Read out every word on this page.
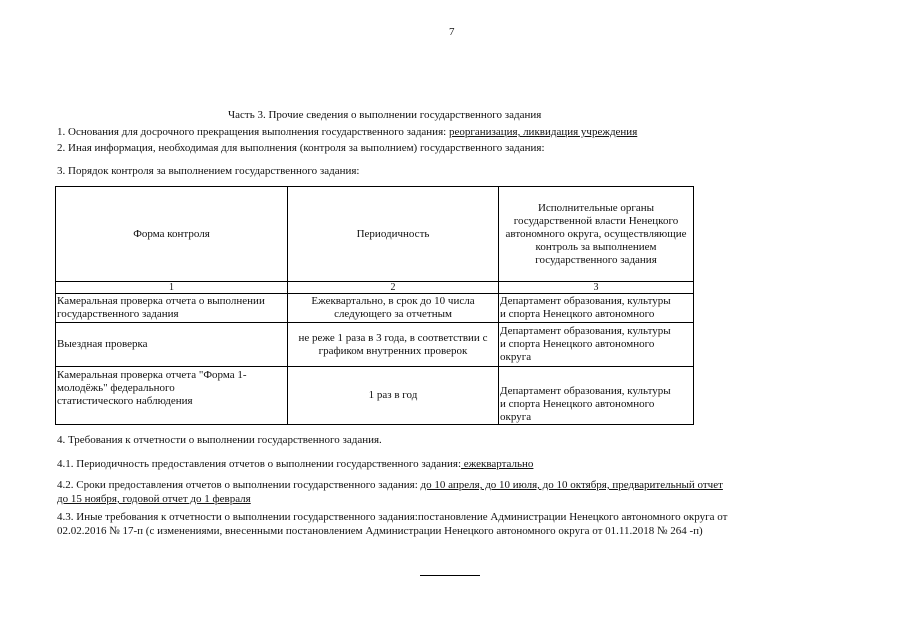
7
Часть 3. Прочие сведения о выполнении государственного задания
1. Основания для досрочного прекращения выполнения государственного задания: реорганизация, ликвидация учреждения
2. Иная информация, необходимая для выполнения (контроля за выполнием) государственного задания:
3. Порядок контроля за выполнением государственного задания:
Форма контроля	Периодичность	Исполнительные органы государственной власти Ненецкого автономного округа, осуществляющие контроль за выполнением государственного задания
1	2	3
Камеральная проверка отчета о выполнении государственного задания	Ежеквартально, в срок до 10 числа следующего за отчетным	Департамент образования, культуры и спорта Ненецкого автономного
Выездная проверка	не реже 1 раза в 3 года, в соответствии с графиком внутренних проверок	Департамент образования, культуры и спорта Ненецкого автономного округа
Камеральная проверка отчета "Форма 1-молодёжь" федерального статистического наблюдения	1 раз в год	Департамент образования, культуры и спорта Ненецкого автономного округа
4. Требования к отчетности о выполнении государственного задания.
4.1. Периодичность предоставления отчетов о выполнении государственного задания: ежеквартально
4.2. Сроки предоставления отчетов о выполнении государственного задания: до 10 апреля, до 10 июля, до 10 октября, предварительный отчет
до 15 ноября, годовой отчет до 1 февраля
4.3. Иные требования к отчетности о выполнении государственного задания:постановление Администрации Ненецкого автономного округа от
02.02.2016 № 17-п (с изменениями, внесенными постановлением Администрации Ненецкого автономного округа от 01.11.2018 № 264 -п)
